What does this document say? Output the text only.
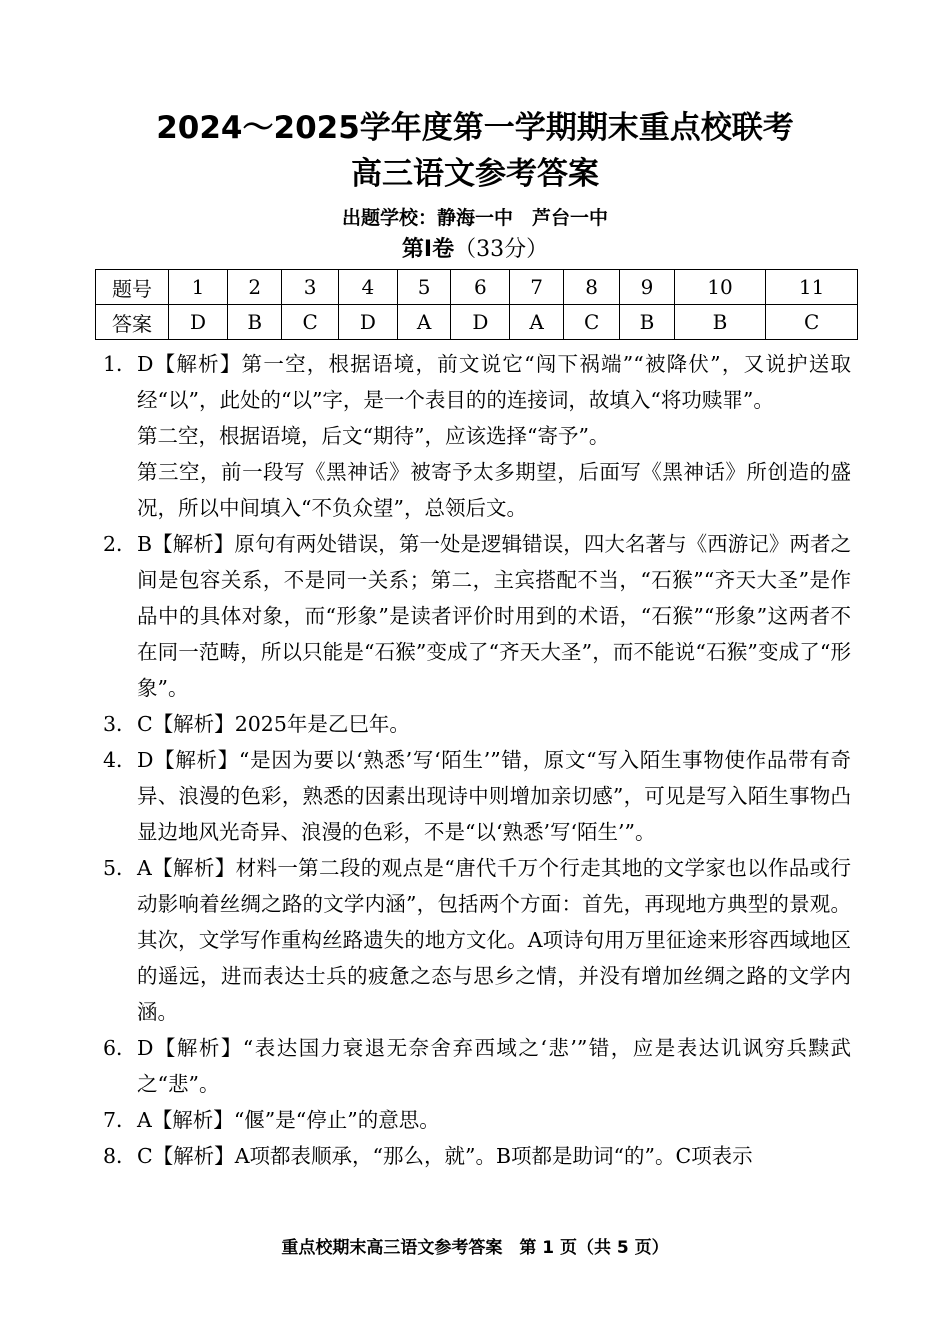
2024～2025学年度第一学期期末重点校联考
高三语文参考答案
出题学校：静海一中　芦台一中
第Ⅰ卷（33分）
题号	1	2	3	4	5	6	7	8	9	10	11
答案	D	B	C	D	A	D	A	C	B	B	C
1． D【解析】第一空，根据语境，前文说它“闯下祸端”“被降伏”，又说护送取经“以”，此处的“以”字，是一个表目的的连接词，故填入“将功赎罪”。

第二空，根据语境，后文“期待”，应该选择“寄予”。

第三空，前一段写《黑神话》被寄予太多期望，后面写《黑神话》所创造的盛况，所以中间填入“不负众望”，总领后文。

2． B【解析】原句有两处错误，第一处是逻辑错误，四大名著与《西游记》两者之间是包容关系，不是同一关系；第二，主宾搭配不当，“石猴”“齐天大圣”是作品中的具体对象，而“形象”是读者评价时用到的术语，“石猴”“形象”这两者不在同一范畴，所以只能是“石猴”变成了“齐天大圣”，而不能说“石猴”变成了“形象”。

3． C【解析】2025年是乙巳年。

4． D【解析】“是因为要以‘熟悉’写‘陌生’”错，原文“写入陌生事物使作品带有奇异、浪漫的色彩，熟悉的因素出现诗中则增加亲切感”，可见是写入陌生事物凸显边地风光奇异、浪漫的色彩，不是“以‘熟悉’写‘陌生’”。

5． A【解析】材料一第二段的观点是“唐代千万个行走其地的文学家也以作品或行动影响着丝绸之路的文学内涵”，包括两个方面：首先，再现地方典型的景观。其次，文学写作重构丝路遗失的地方文化。A项诗句用万里征途来形容西域地区的遥远，进而表达士兵的疲惫之态与思乡之情，并没有增加丝绸之路的文学内涵。

6． D【解析】“表达国力衰退无奈舍弃西域之‘悲’”错，应是表达讥讽穷兵黩武之“悲”。

7． A【解析】“偃”是“停止”的意思。

8． C【解析】A项都表顺承，“那么，就”。B项都是助词“的”。C项表示

重点校期末高三语文参考答案　第 1 页（共 5 页）
